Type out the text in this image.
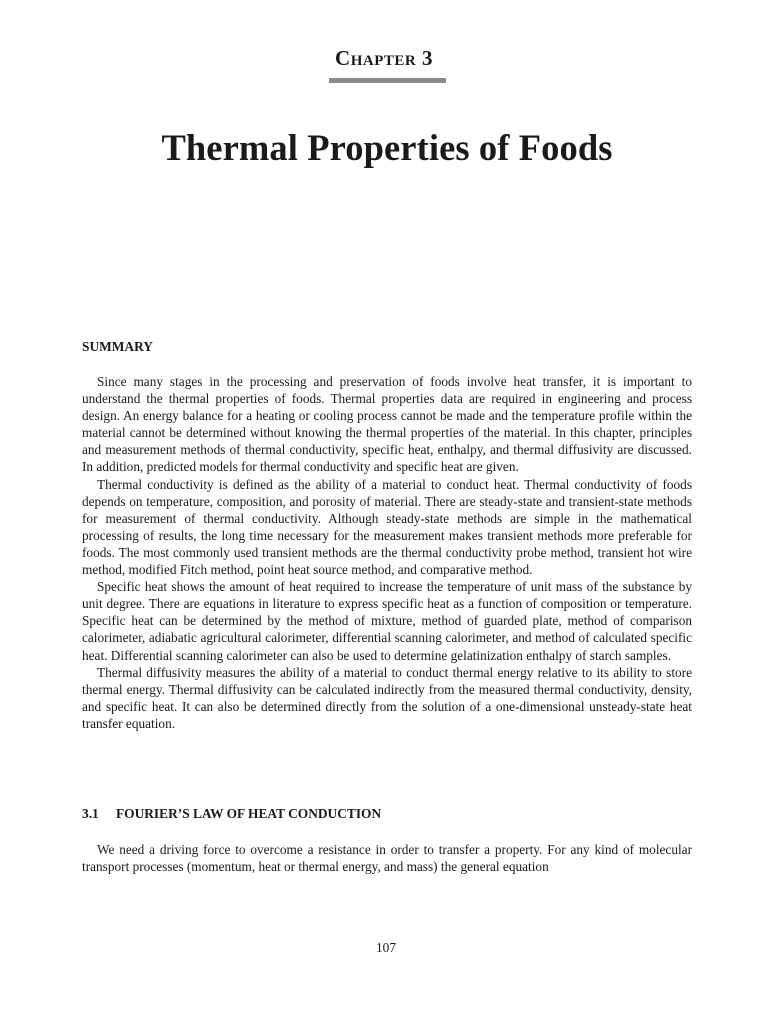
Chapter 3
Thermal Properties of Foods
SUMMARY

Since many stages in the processing and preservation of foods involve heat transfer, it is important to understand the thermal properties of foods. Thermal properties data are required in engineering and process design. An energy balance for a heating or cooling process cannot be made and the temperature profile within the material cannot be determined without knowing the thermal properties of the material. In this chapter, principles and measurement methods of thermal conductivity, specific heat, enthalpy, and thermal diffusivity are discussed. In addition, predicted models for thermal conductivity and specific heat are given.

Thermal conductivity is defined as the ability of a material to conduct heat. Thermal conductivity of foods depends on temperature, composition, and porosity of material. There are steady-state and transient-state methods for measurement of thermal conductivity. Although steady-state methods are simple in the mathematical processing of results, the long time necessary for the measurement makes transient methods more preferable for foods. The most commonly used transient methods are the thermal conductivity probe method, transient hot wire method, modified Fitch method, point heat source method, and comparative method.

Specific heat shows the amount of heat required to increase the temperature of unit mass of the substance by unit degree. There are equations in literature to express specific heat as a function of composition or temperature. Specific heat can be determined by the method of mixture, method of guarded plate, method of comparison calorimeter, adiabatic agricultural calorimeter, differential scanning calorimeter, and method of calculated specific heat. Differential scanning calorimeter can also be used to determine gelatinization enthalpy of starch samples.

Thermal diffusivity measures the ability of a material to conduct thermal energy relative to its ability to store thermal energy. Thermal diffusivity can be calculated indirectly from the measured thermal conductivity, density, and specific heat. It can also be determined directly from the solution of a one-dimensional unsteady-state heat transfer equation.

3.1 FOURIER’S LAW OF HEAT CONDUCTION

We need a driving force to overcome a resistance in order to transfer a property. For any kind of molecular transport processes (momentum, heat or thermal energy, and mass) the general equation

107
